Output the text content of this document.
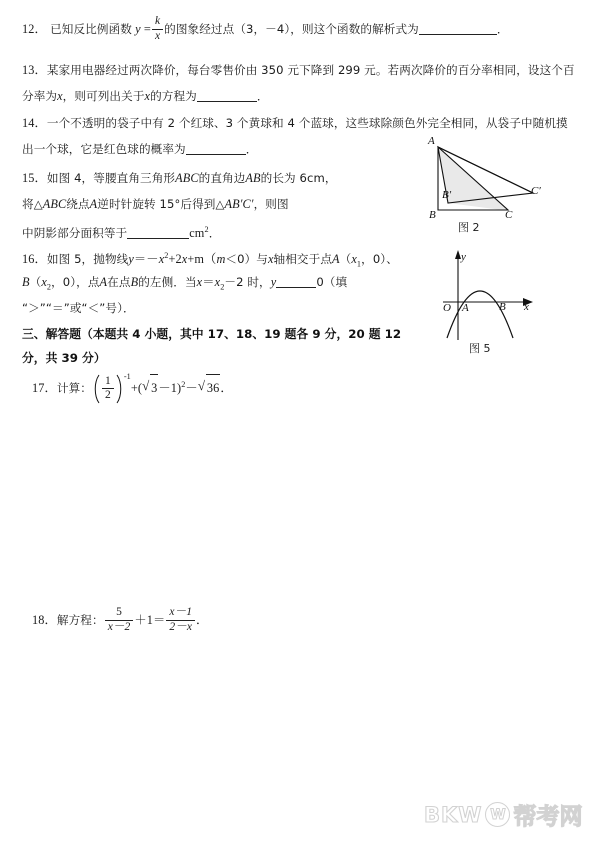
12． 已知反比例函数 $y = \frac{k}{x}$ 的图象经过点（3，－4），则这个函数的解析式为	．
13．某家用电器经过两次降价，每台零售价由 350 元下降到 299 元。若两次降价的百分率相同，设这个百
分率为x，则可列出关于x的方程为	．
14．一个不透明的袋子中有 2 个红球、3 个黄球和 4 个蓝球，这些球除颜色外完全相同，从袋子中随机摸
出一个球，它是红色球的概率为	．
15．如图 4，等腰直角三角形ABC的直角边AB的长为 6cm，
将△ABC绕点A逆时针旋转 15°后得到△AB′C′，则图
中阴影部分面积等于	$cm^2$．
16．如图 5，抛物线$y=-x^2+2x+m(m<0)$与x轴相交于点$A(x_1$，0）、
$B(x_2$，0），点A在点B的左侧．当$x=x_2-2$ 时，y	0（填
“＞”“＝”或“＜”号）．
三、解答题（本题共 4 小题，其中 17、18、19 题各 9 分，20 题 12
分，共 39 分）
17．计算： $\frac{1}{2} ^{-1}+$( √ 3－1)$^2$－ √ 36．
18．解方程： $\frac{5}{x-2} +1= \frac{x-1}{2-x}$ ．
A
B	C
B′	C′
图 2
y
O A	B x
图 5
BKW W 帮考网
